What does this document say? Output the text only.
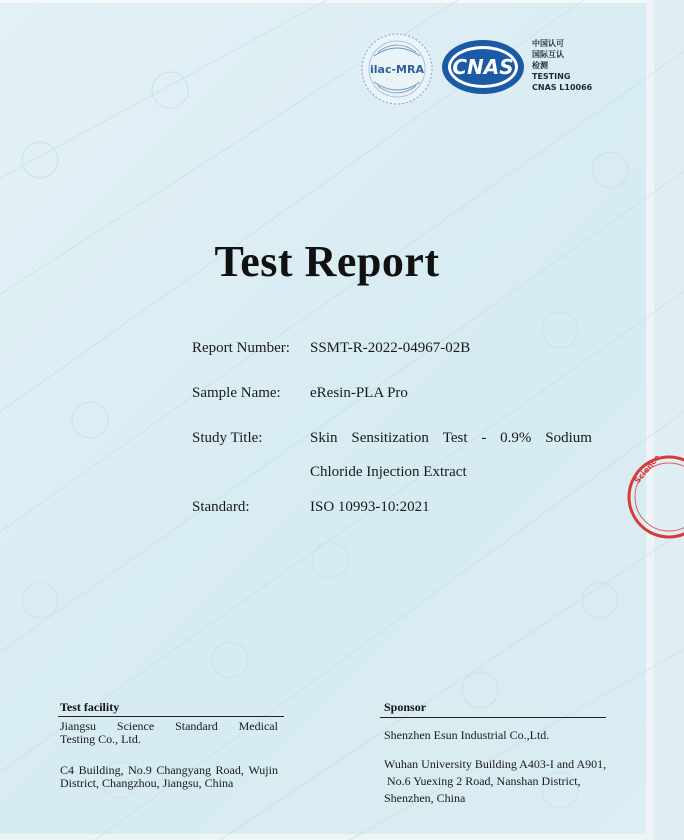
ilac-MRA CNAS
中国认可
国际互认
检测
TESTING
CNAS L10066
Test Report
Report Number: SSMT-R-2022-04967-02B
Sample Name: eResin-PLA Pro
Study Title:	Skin Sensitization Test - 0.9% Sodium
Chloride Injection Extract
Standard:	ISO 10993-10:2021
Test facility
Jiangsu Science Standard Medical
Testing Co., Ltd.
C4 Building, No.9 Changyang Road, Wujin
District, Changzhou, Jiangsu, China
Sponsor
Shenzhen Esun Industrial Co.,Ltd.
Wuhan University Building A403-I and A901,
No.6 Yuexing 2 Road, Nanshan District,
Shenzhen, China
Science
